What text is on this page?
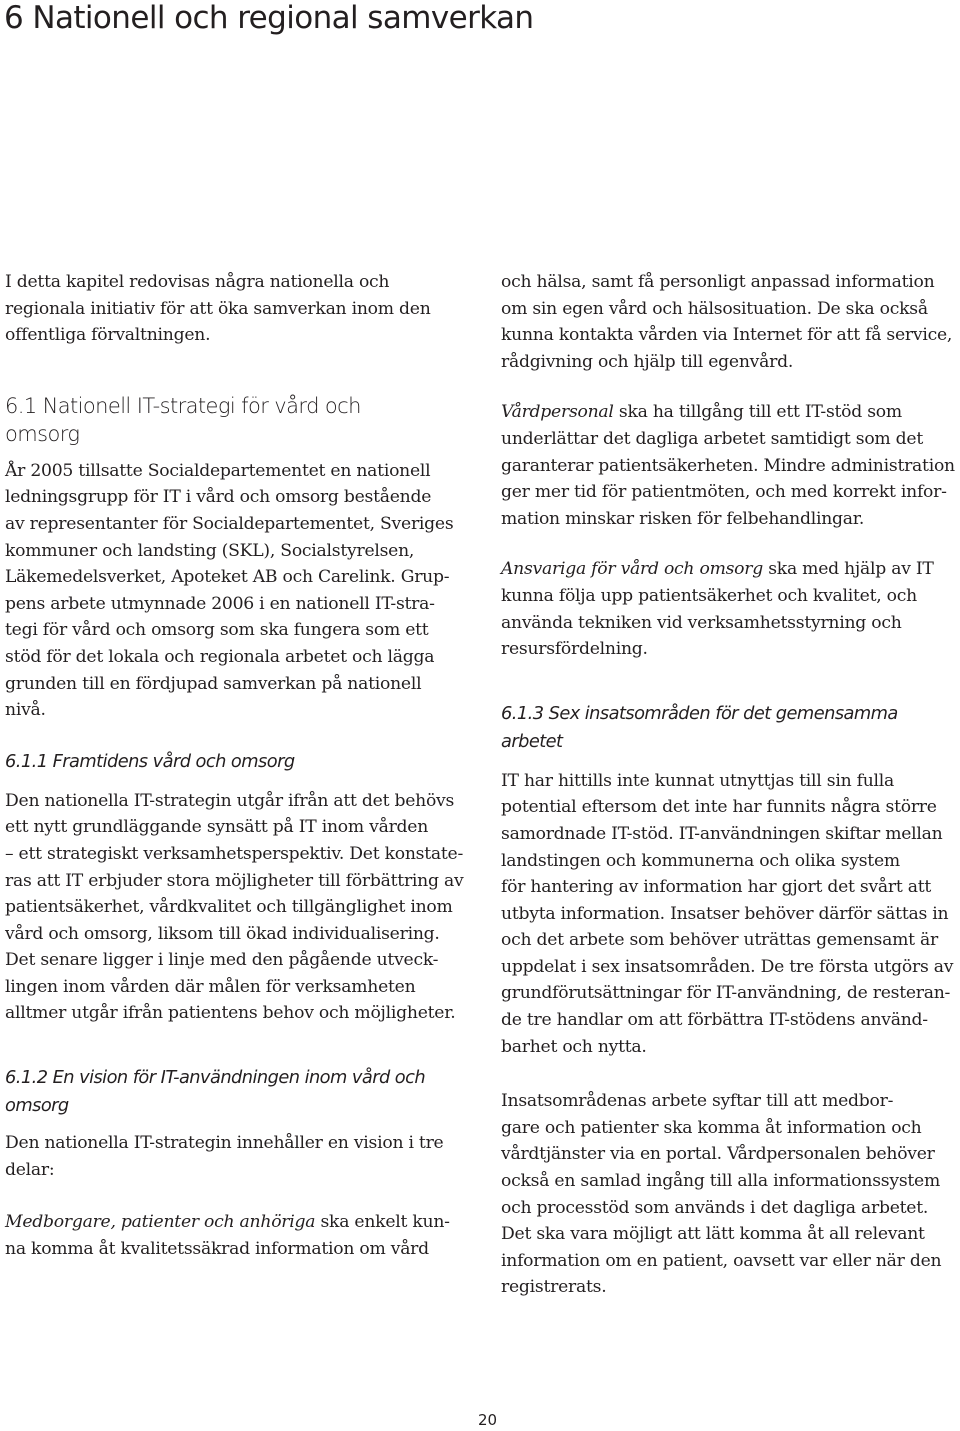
6 Nationell och regional samverkan

I detta kapitel redovisas några nationella och
regionala initiativ för att öka samverkan inom den
offentliga förvaltningen.

6.1 Nationell IT-strategi för vård och
omsorg

År 2005 tillsatte Socialdepartementet en nationell
ledningsgrupp för IT i vård och omsorg bestående
av representanter för Socialdepartementet, Sveriges
kommuner och landsting (SKL), Socialstyrelsen,
Läkemedelsverket, Apoteket AB och Carelink. Grup-
pens arbete utmynnade 2006 i en nationell IT-stra-
tegi för vård och omsorg som ska fungera som ett
stöd för det lokala och regionala arbetet och lägga
grunden till en fördjupad samverkan på nationell
nivå.

6.1.1 Framtidens vård och omsorg

Den nationella IT-strategin utgår ifrån att det behövs
ett nytt grundläggande synsätt på IT inom vården
– ett strategiskt verksamhetsperspektiv. Det konstate-
ras att IT erbjuder stora möjligheter till förbättring av
patientsäkerhet, vårdkvalitet och tillgänglighet inom
vård och omsorg, liksom till ökad individualisering.
Det senare ligger i linje med den pågående utveck-
lingen inom vården där målen för verksamheten
alltmer utgår ifrån patientens behov och möjligheter.

6.1.2 En vision för IT-användningen inom vård och
omsorg

Den nationella IT-strategin innehåller en vision i tre
delar:

Medborgare, patienter och anhöriga ska enkelt kun-
na komma åt kvalitetssäkrad information om vård

och hälsa, samt få personligt anpassad information
om sin egen vård och hälsosituation. De ska också
kunna kontakta vården via Internet för att få service,
rådgivning och hjälp till egenvård.

Vårdpersonal ska ha tillgång till ett IT-stöd som
underlättar det dagliga arbetet samtidigt som det
garanterar patientsäkerheten. Mindre administration
ger mer tid för patientmöten, och med korrekt infor-
mation minskar risken för felbehandlingar.

Ansvariga för vård och omsorg ska med hjälp av IT
kunna följa upp patientsäkerhet och kvalitet, och
använda tekniken vid verksamhetsstyrning och
resursfördelning.

6.1.3 Sex insatsområden för det gemensamma
arbetet

IT har hittills inte kunnat utnyttjas till sin fulla
potential eftersom det inte har funnits några större
samordnade IT-stöd. IT-användningen skiftar mellan
landstingen och kommunerna och olika system
för hantering av information har gjort det svårt att
utbyta information. Insatser behöver därför sättas in
och det arbete som behöver uträttas gemensamt är
uppdelat i sex insatsområden. De tre första utgörs av
grundförutsättningar för IT-användning, de resteran-
de tre handlar om att förbättra IT-stödens använd-
barhet och nytta.

Insatsområdenas arbete syftar till att medbor-
gare och patienter ska komma åt information och
vårdtjänster via en portal. Vårdpersonalen behöver
också en samlad ingång till alla informationssystem
och processtöd som används i det dagliga arbetet.
Det ska vara möjligt att lätt komma åt all relevant
information om en patient, oavsett var eller när den
registrerats.

20
